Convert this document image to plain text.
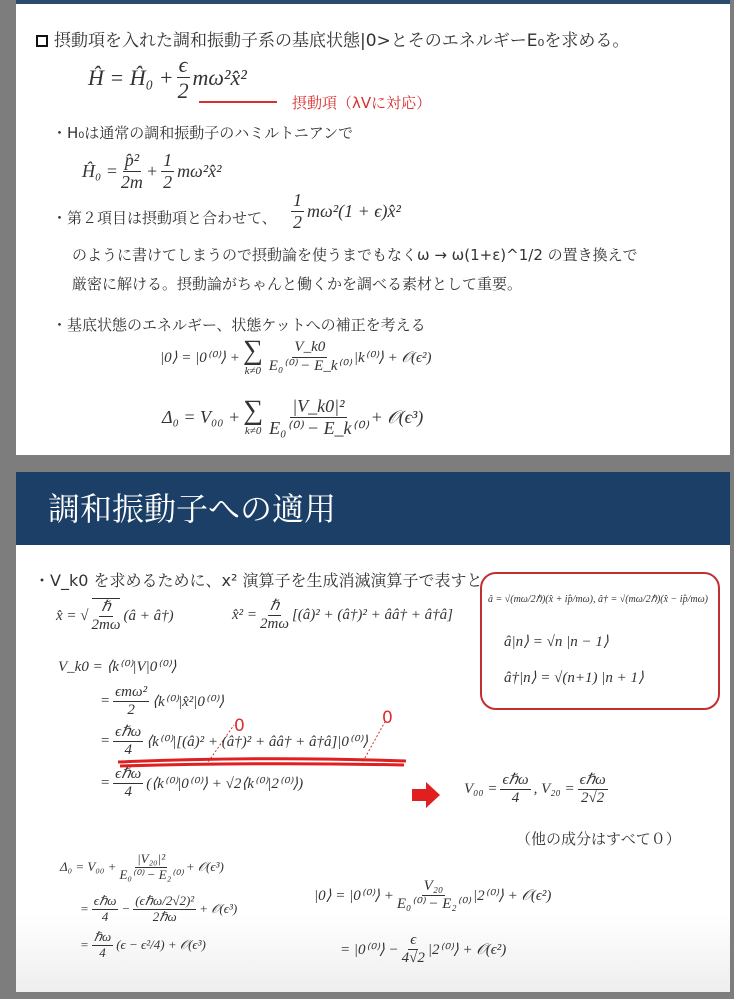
摂動項を入れた調和振動子系の基底状態|0>とそのエネルギーE₀を求める。
Ĥ = Ĥ₀ + $\frac{\epsilon}{2}$ mω²x̂²
摂動項（λVに対応）
・H₀は通常の調和振動子のハミルトニアンで
Ĥ₀ = $\frac{\text{p̂²}}{2m} + \frac{1}{2}$ mω²x̂²
・第２項目は摂動項と合わせて、 $\frac{1}{2} m\omega^2(1$ + ϵ)x̂²
のように書けてしまうので摂動論を使うまでもなくω → ω(1+ε)^1/2 の置き換えで
厳密に解ける。摂動論がちゃんと働くかを調べる素材として重要。
・基底状態のエネルギー、状態ケットへの補正を考える
|0⟩ = |0⁽⁰⁾⟩ + ∑
$k\ne 0 \frac{V\_k0}{\text{E₀⁽⁰⁾ − E\_k⁽⁰⁾}}$ |k⁽⁰⁾⟩ + 𝒪(ϵ²)
Δ₀ = V₀₀ + ∑
$k\ne 0 \frac{\text{|V\_k0|²}}{\text{E₀⁽⁰⁾ − E\_k⁽⁰⁾}}$ + 𝒪(ϵ³)
調和振動子への適用
・V_k0 を求めるために、x² 演算子を生成消滅演算子で表すと
x̂ = √
ℏ
2mω
(â + â†)	x̂² =
ℏ
2mω
[(â)² + (â†)² + ââ† + â†â]
â = √(mω/2ℏ)(x̂ + ip̂/mω), â† = √(mω/2ℏ)(x̂ − ip̂/mω)
â|n⟩ = √n |n − 1⟩
â†|n⟩ = √(n+1) |n + 1⟩
V_k0 = ⟨k⁽⁰⁾|V|0⁽⁰⁾⟩
=
ϵmω²
2 ⟨k⁽⁰⁾|x̂²|0⁽⁰⁾⟩
0	0
=
ϵℏω
4 ⟨k⁽⁰⁾|[(â)² + (â†)² + ââ† + â†â]|0⁽⁰⁾⟩
=
ϵℏω
4 (⟨k⁽⁰⁾|0⁽⁰⁾⟩ + √2⟨k⁽⁰⁾|2⁽⁰⁾⟩)	V₀₀ =
ϵℏω
4
, V₂₀ =
ϵℏω
2√2
（他の成分はすべて０）
$\Delta_0 = V_{00} + \frac{\text{|V₂₀|²}}{\text{E₀⁽⁰⁾ − E₂⁽⁰⁾}}$ + 𝒪(ϵ³)
=
ϵℏω
4 −
(ϵℏω/2√2)²
2ℏω + 𝒪(ϵ³)
=
ℏω
4 (ϵ − ϵ²/4) + 𝒪(ϵ³)
|0⟩ = |0⁽⁰⁾⟩ + $\frac{\text{V₂₀}}{\text{E₀⁽⁰⁾ − E₂⁽⁰⁾}}$ |2⁽⁰⁾⟩ + 𝒪(ϵ²)
= |0⁽⁰⁾⟩ − $\frac{\epsilon}{4√2}$ |2⁽⁰⁾⟩ + 𝒪(ϵ²)
